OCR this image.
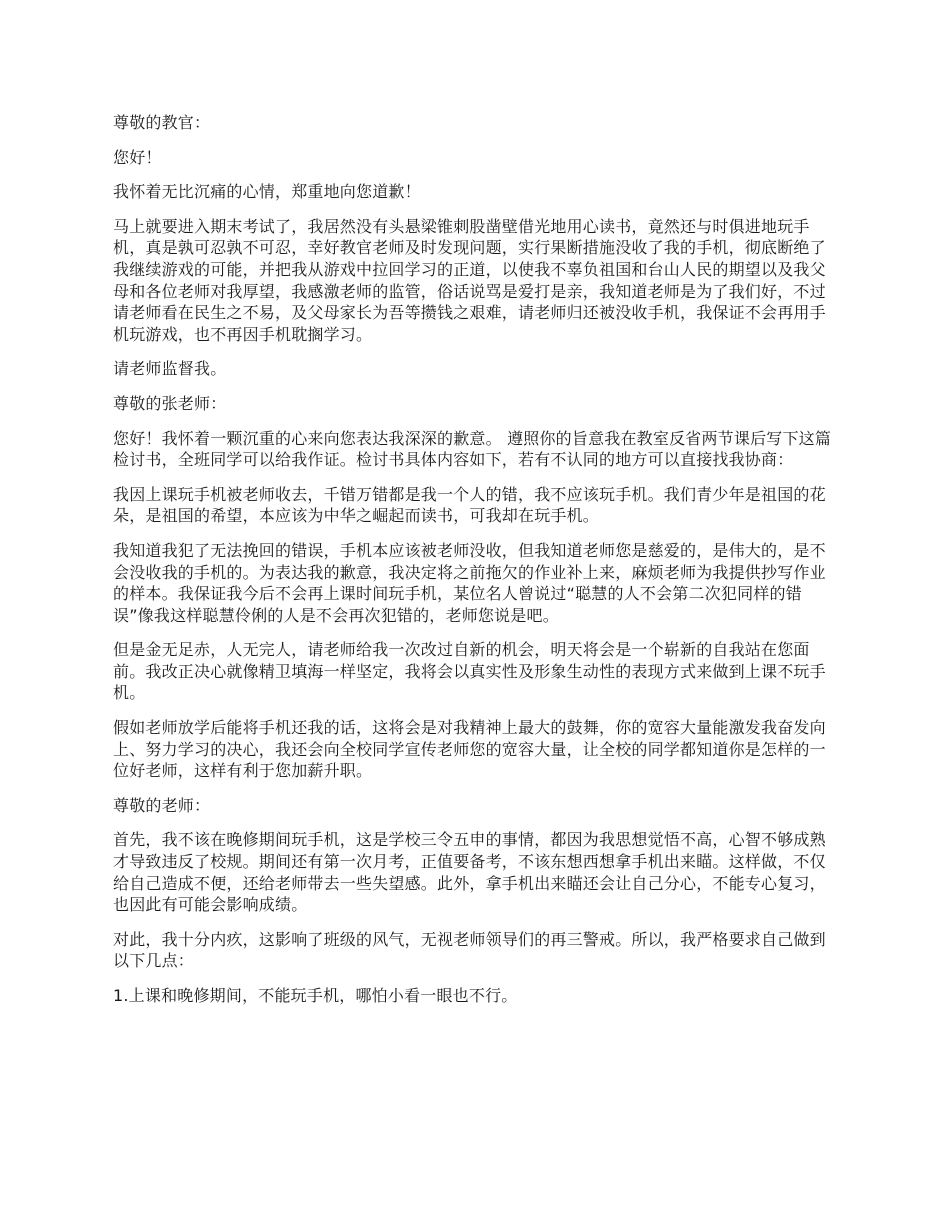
尊敬的教官：

您好！

我怀着无比沉痛的心情，郑重地向您道歉！

马上就要进入期末考试了，我居然没有头悬梁锥刺股凿壁借光地用心读书，竟然还与时俱进地玩手机，真是孰可忍孰不可忍，幸好教官老师及时发现问题，实行果断措施没收了我的手机，彻底断绝了我继续游戏的可能，并把我从游戏中拉回学习的正道，以使我不辜负祖国和台山人民的期望以及我父母和各位老师对我厚望，我感激老师的监管，俗话说骂是爱打是亲，我知道老师是为了我们好，不过请老师看在民生之不易，及父母家长为吾等攒钱之艰难，请老师归还被没收手机，我保证不会再用手机玩游戏，也不再因手机耽搁学习。

请老师监督我。

尊敬的张老师：

您好！我怀着一颗沉重的心来向您表达我深深的歉意。 遵照你的旨意我在教室反省两节课后写下这篇检讨书，全班同学可以给我作证。检讨书具体内容如下，若有不认同的地方可以直接找我协商：

我因上课玩手机被老师收去，千错万错都是我一个人的错，我不应该玩手机。我们青少年是祖国的花朵，是祖国的希望，本应该为中华之崛起而读书，可我却在玩手机。

我知道我犯了无法挽回的错误，手机本应该被老师没收，但我知道老师您是慈爱的，是伟大的，是不会没收我的手机的。为表达我的歉意，我决定将之前拖欠的作业补上来，麻烦老师为我提供抄写作业的样本。我保证我今后不会再上课时间玩手机，某位名人曾说过“聪慧的人不会第二次犯同样的错误”像我这样聪慧伶俐的人是不会再次犯错的，老师您说是吧。

但是金无足赤，人无完人，请老师给我一次改过自新的机会，明天将会是一个崭新的自我站在您面前。我改正决心就像精卫填海一样坚定，我将会以真实性及形象生动性的表现方式来做到上课不玩手机。

假如老师放学后能将手机还我的话，这将会是对我精神上最大的鼓舞，你的宽容大量能激发我奋发向上、努力学习的决心，我还会向全校同学宣传老师您的宽容大量，让全校的同学都知道你是怎样的一位好老师，这样有利于您加薪升职。

尊敬的老师：

首先，我不该在晚修期间玩手机，这是学校三令五申的事情，都因为我思想觉悟不高，心智不够成熟才导致违反了校规。期间还有第一次月考，正值要备考，不该东想西想拿手机出来瞄。这样做，不仅给自己造成不便，还给老师带去一些失望感。此外，拿手机出来瞄还会让自己分心，不能专心复习，也因此有可能会影响成绩。

对此，我十分内疚，这影响了班级的风气，无视老师领导们的再三警戒。所以，我严格要求自己做到以下几点：

1.上课和晚修期间，不能玩手机，哪怕小看一眼也不行。
